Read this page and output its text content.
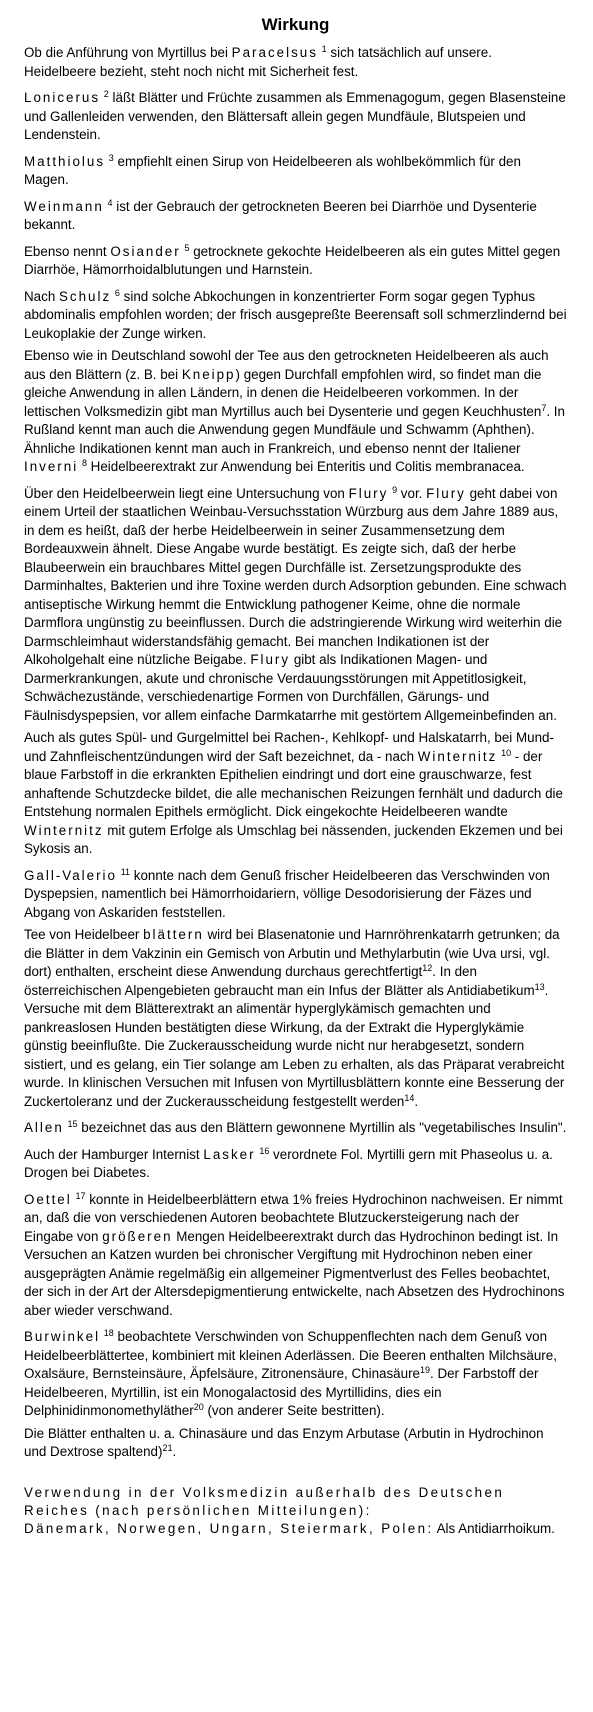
Wirkung

Ob die Anführung von Myrtillus bei Paracelsus $^1$ sich tatsächlich auf unsere. Heidelbeere bezieht, steht noch nicht mit Sicherheit fest.

Lonicerus $^2$ läßt Blätter und Früchte zusammen als Emmenagogum, gegen Blasensteine und Gallenleiden verwenden, den Blättersaft allein gegen Mundfäule, Blutspeien und Lendenstein.

Matthiolus $^3$ empfiehlt einen Sirup von Heidelbeeren als wohlbekömmlich für den Magen.

Weinmann $^4$ ist der Gebrauch der getrockneten Beeren bei Diarrhöe und Dysenterie bekannt.

Ebenso nennt Osiander $^5$ getrocknete gekochte Heidelbeeren als ein gutes Mittel gegen Diarrhöe, Hämorrhoidalblutungen und Harnstein.

Nach Schulz $^6$ sind solche Abkochungen in konzentrierter Form sogar gegen Typhus abdominalis empfohlen worden; der frisch ausgepreßte Beerensaft soll schmerzlindernd bei Leukoplakie der Zunge wirken.

Ebenso wie in Deutschland sowohl der Tee aus den getrockneten Heidelbeeren als auch aus den Blättern (z. B. bei Kneipp) gegen Durchfall empfohlen wird, so findet man die gleiche Anwendung in allen Ländern, in denen die Heidelbeeren vorkommen. In der lettischen Volksmedizin gibt man Myrtillus auch bei Dysenterie und gegen Keuchhusten$^7$. In Rußland kennt man auch die Anwendung gegen Mundfäule und Schwamm (Aphthen). Ähnliche Indikationen kennt man auch in Frankreich, und ebenso nennt der Italiener Inverni $^8$ Heidelbeerextrakt zur Anwendung bei Enteritis und Colitis membranacea.

Über den Heidelbeerwein liegt eine Untersuchung von Flury $^9$ vor. Flury geht dabei von einem Urteil der staatlichen Weinbau-Versuchsstation Würzburg aus dem Jahre 1889 aus, in dem es heißt, daß der herbe Heidelbeerwein in seiner Zusammensetzung dem Bordeauxwein ähnelt. Diese Angabe wurde bestätigt. Es zeigte sich, daß der herbe Blaubeerwein ein brauchbares Mittel gegen Durchfälle ist. Zersetzungsprodukte des Darminhaltes, Bakterien und ihre Toxine werden durch Adsorption gebunden. Eine schwach antiseptische Wirkung hemmt die Entwicklung pathogener Keime, ohne die normale Darmflora ungünstig zu beeinflussen. Durch die adstringierende Wirkung wird weiterhin die Darmschleimhaut widerstandsfähig gemacht. Bei manchen Indikationen ist der Alkoholgehalt eine nützliche Beigabe. Flury gibt als Indikationen Magen- und Darmerkrankungen, akute und chronische Verdauungsstörungen mit Appetitlosigkeit, Schwächezustände, verschiedenartige Formen von Durchfällen, Gärungs- und Fäulnisdyspepsien, vor allem einfache Darmkatarrhe mit gestörtem Allgemeinbefinden an.

Auch als gutes Spül- und Gurgelmittel bei Rachen-, Kehlkopf- und Halskatarrh, bei Mund- und Zahnfleischentzündungen wird der Saft bezeichnet, da - nach Winternitz $^{10}$ - der blaue Farbstoff in die erkrankten Epithelien eindringt und dort eine grauschwarze, fest anhaftende Schutzdecke bildet, die alle mechanischen Reizungen fernhält und dadurch die Entstehung normalen Epithels ermöglicht. Dick eingekochte Heidelbeeren wandte Winternitz mit gutem Erfolge als Umschlag bei nässenden, juckenden Ekzemen und bei Sykosis an.

Gall-Valerio $^{11}$ konnte nach dem Genuß frischer Heidelbeeren das Verschwinden von Dyspepsien, namentlich bei Hämorrhoidariern, völlige Desodorisierung der Fäzes und Abgang von Askariden feststellen.

Tee von Heidelbeer blättern wird bei Blasenatonie und Harnröhrenkatarrh getrunken; da die Blätter in dem Vakzinin ein Gemisch von Arbutin und Methylarbutin (wie Uva ursi, vgl. dort) enthalten, erscheint diese Anwendung durchaus gerechtfertigt$^{12}$. In den österreichischen Alpengebieten gebraucht man ein Infus der Blätter als Antidiabetikum$^{13}$. Versuche mit dem Blätterextrakt an alimentär hyperglykämisch gemachten und pankreaslosen Hunden bestätigten diese Wirkung, da der Extrakt die Hyperglykämie günstig beeinflußte. Die Zuckerausscheidung wurde nicht nur herabgesetzt, sondern sistiert, und es gelang, ein Tier solange am Leben zu erhalten, als das Präparat verabreicht wurde. In klinischen Versuchen mit Infusen von Myrtillusblättern konnte eine Besserung der Zuckertoleranz und der Zuckerausscheidung festgestellt werden$^{14}$.

Allen $^{15}$ bezeichnet das aus den Blättern gewonnene Myrtillin als "vegetabilisches Insulin".

Auch der Hamburger Internist Lasker $^{16}$ verordnete Fol. Myrtilli gern mit Phaseolus u. a. Drogen bei Diabetes.

Oettel $^{17}$ konnte in Heidelbeerblättern etwa 1% freies Hydrochinon nachweisen. Er nimmt an, daß die von verschiedenen Autoren beobachtete Blutzuckersteigerung nach der Eingabe von größeren Mengen Heidelbeerextrakt durch das Hydrochinon bedingt ist. In Versuchen an Katzen wurden bei chronischer Vergiftung mit Hydrochinon neben einer ausgeprägten Anämie regelmäßig ein allgemeiner Pigmentverlust des Felles beobachtet, der sich in der Art der Altersdepigmentierung entwickelte, nach Absetzen des Hydrochinons aber wieder verschwand.

Burwinkel $^{18}$ beobachtete Verschwinden von Schuppenflechten nach dem Genuß von Heidelbeerblättertee, kombiniert mit kleinen Aderlässen. Die Beeren enthalten Milchsäure, Oxalsäure, Bernsteinsäure, Äpfelsäure, Zitronensäure, Chinasäure$^{19}$. Der Farbstoff der Heidelbeeren, Myrtillin, ist ein Monogalactosid des Myrtillidins, dies ein Delphinidinmonomethyläther$^{20}$ (von anderer Seite bestritten).

Die Blätter enthalten u. a. Chinasäure und das Enzym Arbutase (Arbutin in Hydrochinon und Dextrose spaltend)$^{21}$.

Verwendung in der Volksmedizin außerhalb des Deutschen Reiches (nach persönlichen Mitteilungen):
Dänemark, Norwegen, Ungarn, Steiermark, Polen: Als Antidiarrhoikum.
